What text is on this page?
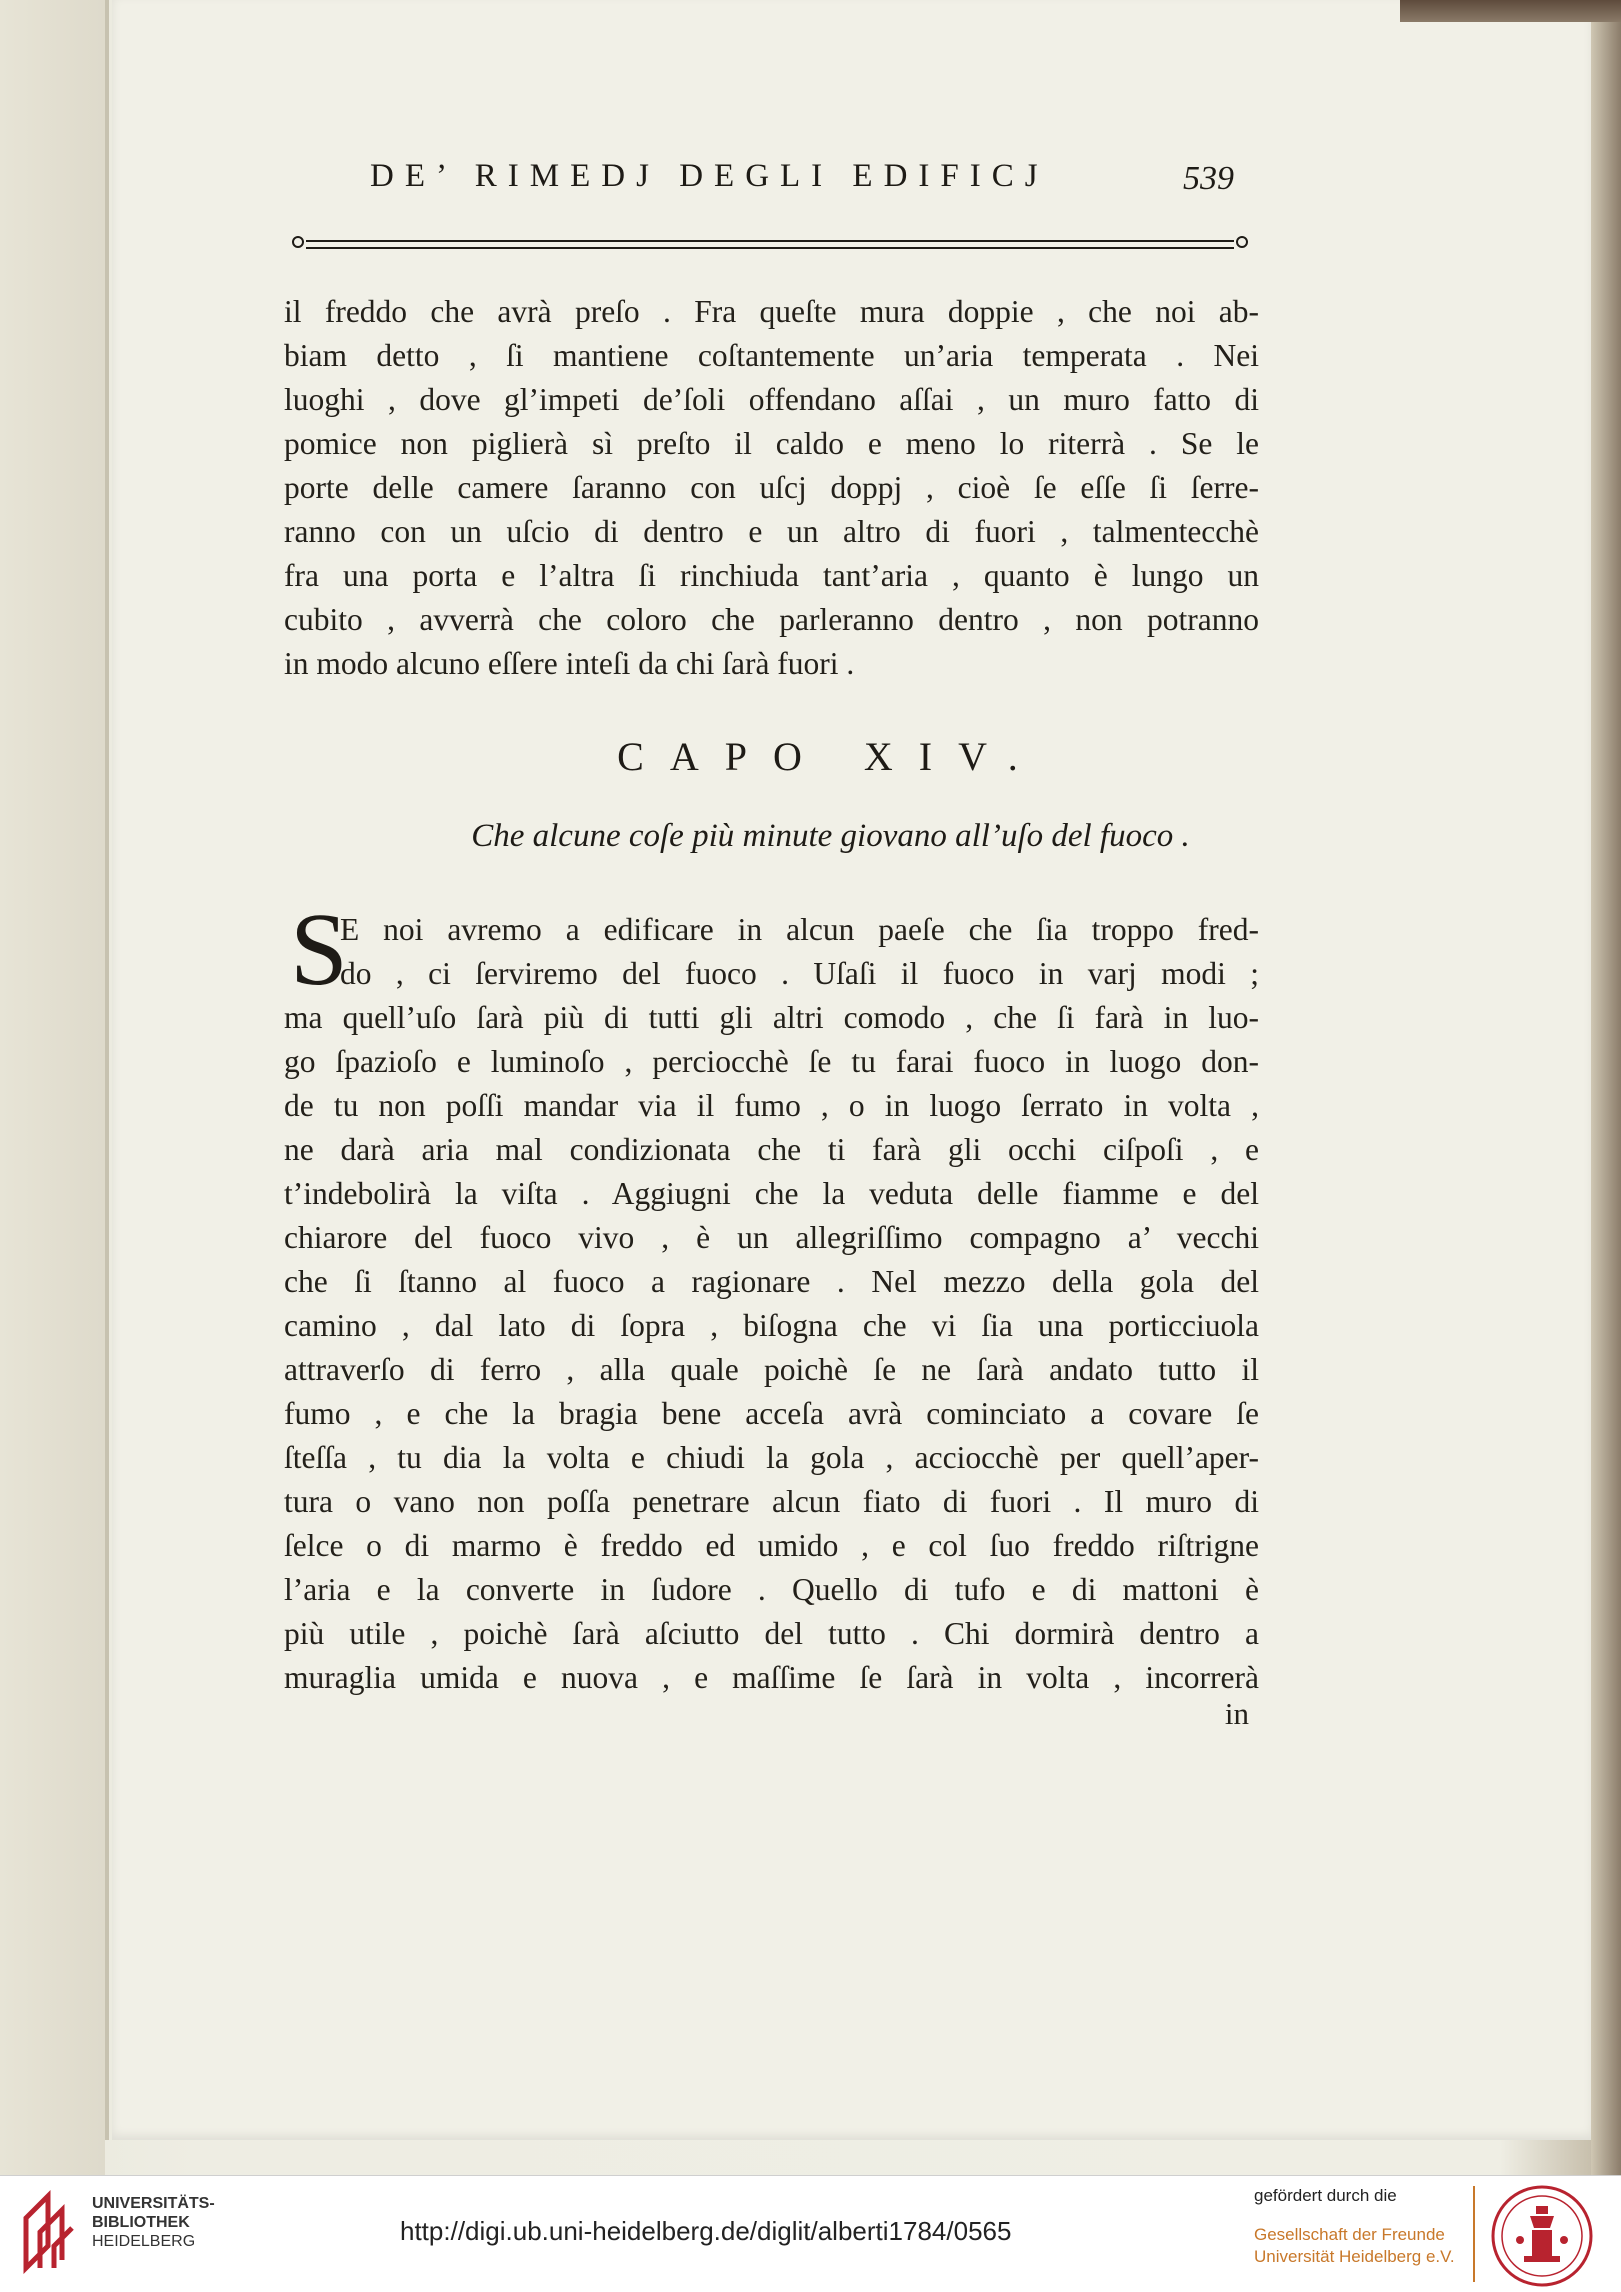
DE’ RIMEDJ DEGLI EDIFICJ	539
il freddo che avrà preſo . Fra queſte mura doppie , che noi ab-
biam detto , ſi mantiene coſtantemente un’aria temperata . Nei
luoghi , dove gl’impeti de’ſoli offendano aſſai , un muro fatto di
pomice non piglierà sì preſto il caldo e meno lo riterrà . Se le
porte delle camere ſaranno con uſcj doppj , cioè ſe eſſe ſi ſerre-
ranno con un uſcio di dentro e un altro di fuori , talmentecchè
fra una porta e l’altra ſi rinchiuda tant’aria , quanto è lungo un
cubito , avverrà che coloro che parleranno dentro , non potranno
in modo alcuno eſſere inteſi da chi ſarà fuori .
CAPO XIV.
Che alcune coſe più minute giovano all’uſo del fuoco .
S
E noi avremo a edificare in alcun paeſe che ſia troppo fred-
do , ci ſerviremo del fuoco . Uſaſi il fuoco in varj modi ;
ma quell’uſo ſarà più di tutti gli altri comodo , che ſi farà in luo-
go ſpazioſo e luminoſo , perciocchè ſe tu farai fuoco in luogo don-
de tu non poſſi mandar via il fumo , o in luogo ſerrato in volta ,
ne darà aria mal condizionata che ti farà gli occhi ciſpoſi , e
t’indebolirà la viſta . Aggiugni che la veduta delle fiamme e del
chiarore del fuoco vivo , è un allegriſſimo compagno a’ vecchi
che ſi ſtanno al fuoco a ragionare . Nel mezzo della gola del
camino , dal lato di ſopra , biſogna che vi ſia una porticciuola
attraverſo di ferro , alla quale poichè ſe ne ſarà andato tutto il
fumo , e che la bragia bene acceſa avrà cominciato a covare ſe
ſteſſa , tu dia la volta e chiudi la gola , acciocchè per quell’aper-
tura o vano non poſſa penetrare alcun fiato di fuori . Il muro di
ſelce o di marmo è freddo ed umido , e col ſuo freddo riſtrigne
l’aria e la converte in ſudore . Quello di tufo e di mattoni è
più utile , poichè ſarà aſciutto del tutto . Chi dormirà dentro a
muraglia umida e nuova , e maſſime ſe ſarà in volta , incorrerà
in
UNIVERSITÄTS-
BIBLIOTHEK
HEIDELBERG	http://digi.ub.uni-heidelberg.de/diglit/alberti1784/0565
gefördert durch die
Gesellschaft der Freunde
Universität Heidelberg e.V.
